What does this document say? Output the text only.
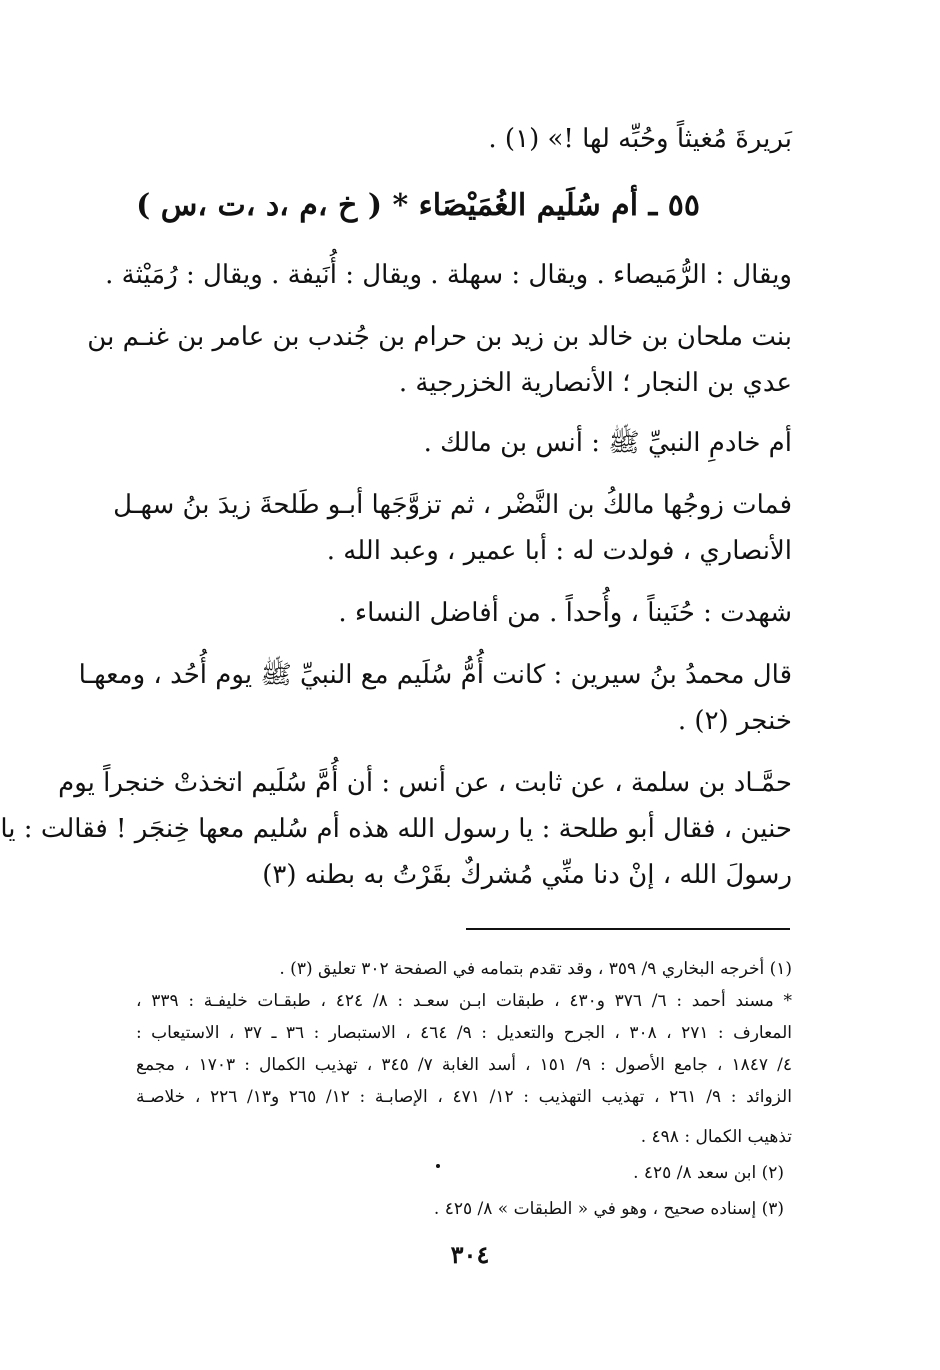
بَريرةَ مُغيثاً وحُبِّه لها !» (١) .
٥٥ ـ أم سُلَيم الغُمَيْصَاء * ( خ ،م ،د ،ت ،س )
ويقال : الرُّمَيصاء . ويقال : سهلة . ويقال : أُنَيفة . ويقال : رُمَيْثة .
بنت ملحان بن خالد بن زيد بن حرام بن جُندب بن عامر بن غنـم بن
عدي بن النجار ؛ الأنصارية الخزرجية .
أم خادمِ النبيِّ ﷺ : أنس بن مالك .
فمات زوجُها مالكُ بن النَّضْر ، ثم تزوَّجَها أبـو طَلحةَ زيدَ بنُ سهـل
الأنصاري ، فولدت له : أبا عمير ، وعبد الله .
شهدت : حُنَيناً ، وأُحداً . من أفاضل النساء .
قال محمدُ بنُ سيرين : كانت أُمُّ سُلَيم مع النبيِّ ﷺ يوم أُحُد ، ومعهـا
خنجر (٢) .
حمَّـاد بن سلمة ، عن ثابت ، عن أنس : أن أُمَّ سُلَيم اتخذتْ خنجراً يوم
حنين ، فقال أبو طلحة : يا رسول الله هذه أم سُليم معها خِنجَر ! فقالت : يا
رسولَ الله ، إنْ دنا منِّي مُشركٌ بقَرْتُ به بطنه (٣)
(١) أخرجه البخاري ٩/ ٣٥٩ ، وقد تقدم بتمامه في الصفحة ٣٠٢ تعليق (٣) .
* مسند أحمد : ٦/ ٣٧٦ و٤٣٠ ، طبقات ابـن سعـد : ٨/ ٤٢٤ ، طبقـات خليفـة : ٣٣٩ ،
المعارف : ٢٧١ ، ٣٠٨ ، الجرح والتعديل : ٩/ ٤٦٤ ، الاستبصار : ٣٦ ـ ٣٧ ، الاستيعاب :
٤/ ١٨٤٧ ، جامع الأصول : ٩/ ١٥١ ، أسد الغابة ٧/ ٣٤٥ ، تهذيب الكمال : ١٧٠٣ ، مجمع
الزوائد : ٩/ ٢٦١ ، تهذيب التهذيب : ١٢/ ٤٧١ ، الإصابـة : ١٢/ ٢٦٥ و١٣/ ٢٢٦ ، خلاصـة
تذهيب الكمال : ٤٩٨ .
(٢) ابن سعد ٨/ ٤٢٥ .
(٣) إسناده صحيح ، وهو في « الطبقات » ٨/ ٤٢٥ .
٣٠٤
